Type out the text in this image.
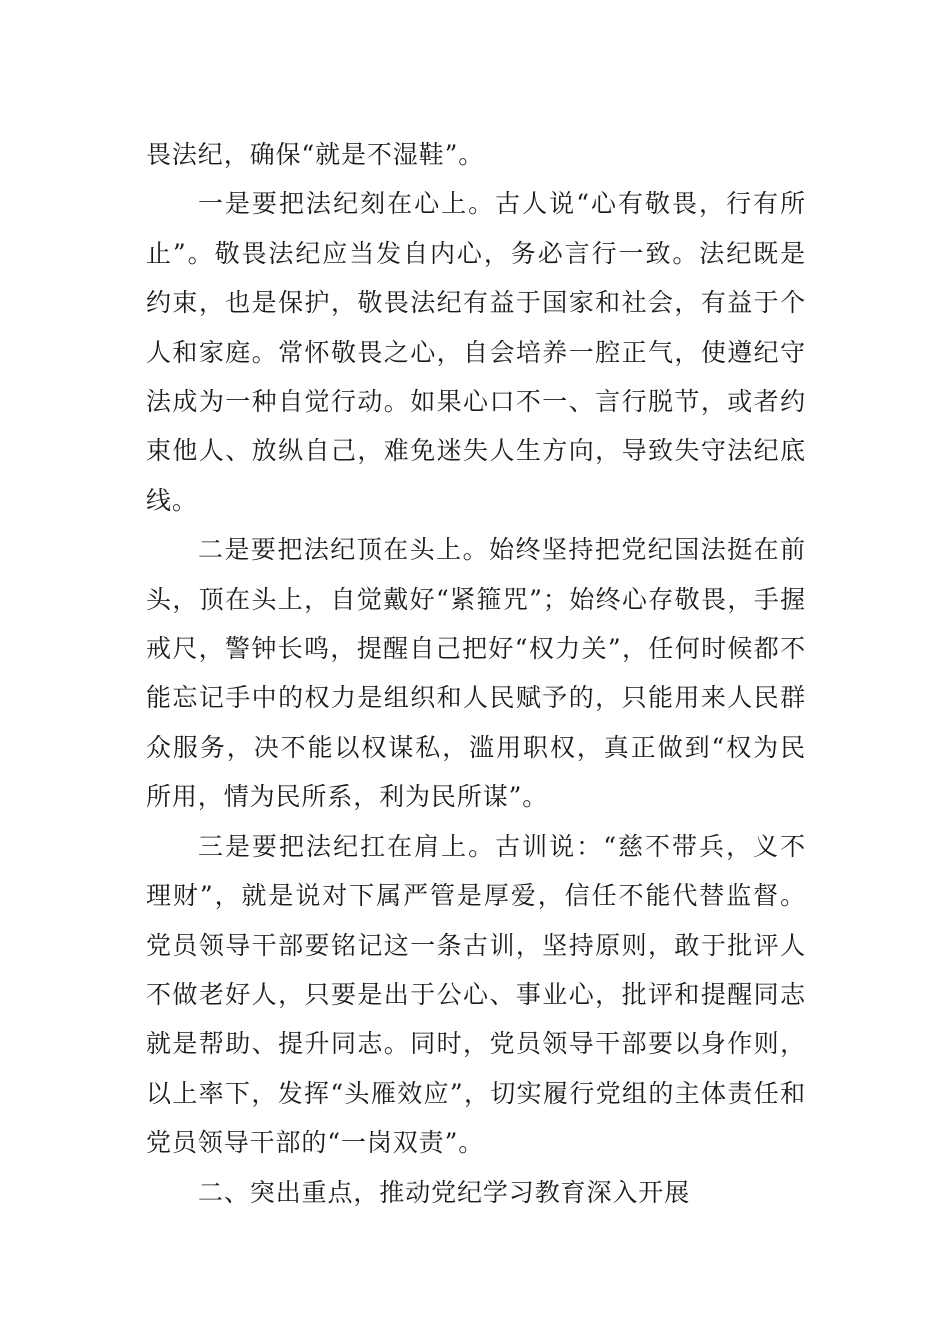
畏法纪，确保“就是不湿鞋”。

一是要把法纪刻在心上。古人说“心有敬畏，行有所止”。敬畏法纪应当发自内心，务必言行一致。法纪既是约束，也是保护，敬畏法纪有益于国家和社会，有益于个人和家庭。常怀敬畏之心，自会培养一腔正气，使遵纪守法成为一种自觉行动。如果心口不一、言行脱节，或者约束他人、放纵自己，难免迷失人生方向，导致失守法纪底线。

二是要把法纪顶在头上。始终坚持把党纪国法挺在前头，顶在头上，自觉戴好“紧箍咒”；始终心存敬畏，手握戒尺，警钟长鸣，提醒自己把好“权力关”，任何时候都不能忘记手中的权力是组织和人民赋予的，只能用来人民群众服务，决不能以权谋私，滥用职权，真正做到“权为民所用，情为民所系，利为民所谋”。

三是要把法纪扛在肩上。古训说：“慈不带兵，义不理财”，就是说对下属严管是厚爱，信任不能代替监督。党员领导干部要铭记这一条古训，坚持原则，敢于批评人不做老好人，只要是出于公心、事业心，批评和提醒同志就是帮助、提升同志。同时，党员领导干部要以身作则，以上率下，发挥“头雁效应”，切实履行党组的主体责任和党员领导干部的“一岗双责”。

二、突出重点，推动党纪学习教育深入开展
